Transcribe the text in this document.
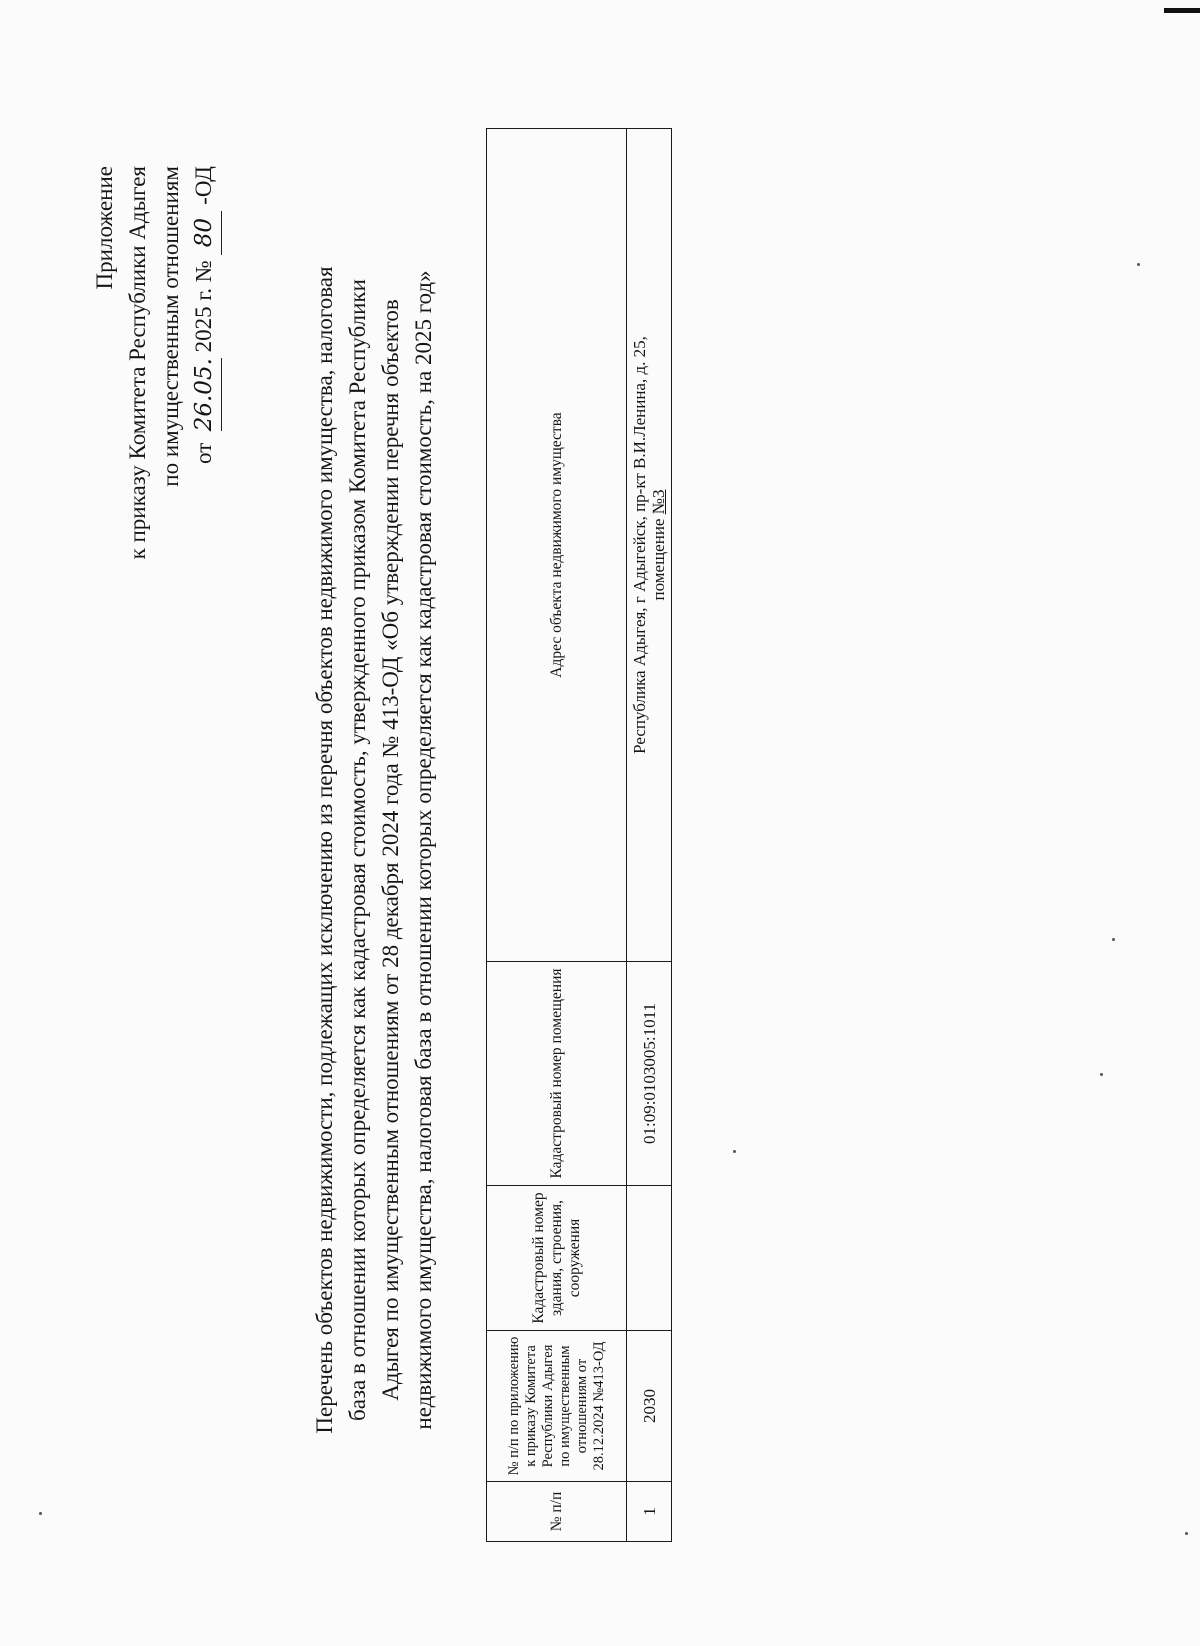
Приложение к приказу Комитета Республики Адыгея по имущественным отношениям от  26.05. 2025 г. № 80 -ОД
Перечень объектов недвижимости, подлежащих исключению из перечня объектов недвижимого имущества, налоговая база в отношении которых определяется как кадастровая стоимость, утвержденного приказом Комитета Республики Адыгея по имущественным отношениям от 28 декабря 2024 года № 413-ОД «Об утверждении перечня объектов недвижимого имущества, налоговая база в отношении которых определяется как кадастровая стоимость, на 2025 год»
№ п/п	№ п/п по приложению к приказу Комитета Республики Адыгея по имущественным отношениям от 28.12.2024 №413-ОД	Кадастровый номер здания, строения, сооружения	Кадастровый номер помещения	Адрес объекта недвижимого имущества
1	2030		01:09:0103005:1011	Республика Адыгея, г Адыгейск, пр-кт В.И.Ленина, д. 25,
помещение №3
